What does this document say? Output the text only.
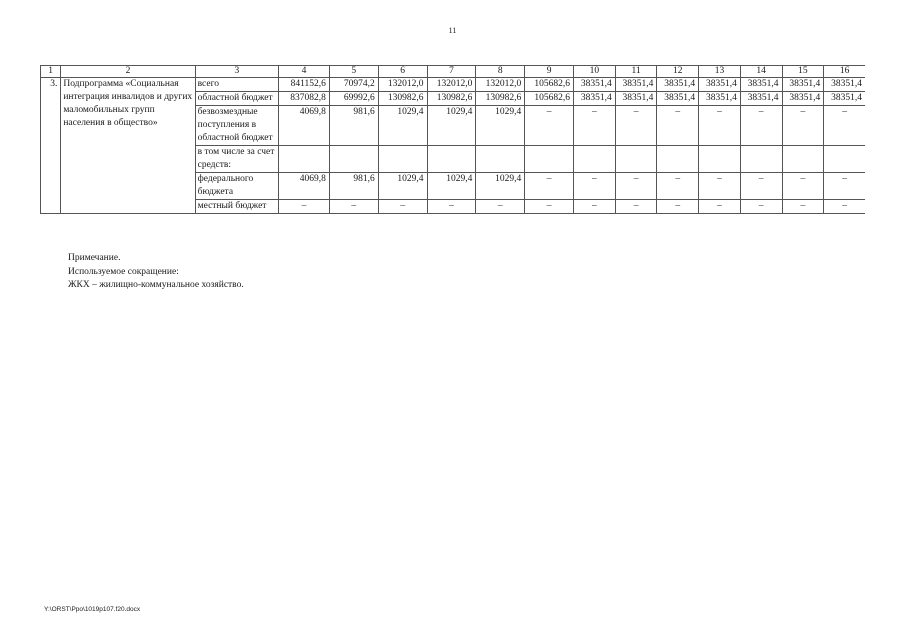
11
1	2	3	4	5	6	7	8	9	10	11	12	13	14	15	16
3.	Подпрограмма «Социальная интеграция инвалидов и других маломобильных групп населения в общество»	всего	841152,6	70974,2	132012,0	132012,0	132012,0	105682,6	38351,4	38351,4	38351,4	38351,4	38351,4	38351,4	38351,4
		областной бюджет	837082,8	69992,6	130982,6	130982,6	130982,6	105682,6	38351,4	38351,4	38351,4	38351,4	38351,4	38351,4	38351,4
		безвозмездные поступления в областной бюджет	4069,8	981,6	1029,4	1029,4	1029,4	–	–	–	–	–	–	–	–
		в том числе за счет средств:													
		федерального бюджета	4069,8	981,6	1029,4	1029,4	1029,4	–	–	–	–	–	–	–	–
		местный бюджет	–	–	–	–	–	–	–	–	–	–	–	–	–
Примечание.
Используемое сокращение:
ЖКХ – жилищно-коммунальное хозяйство.
Y:\ORST\Ppo\1019p107.f20.docx
